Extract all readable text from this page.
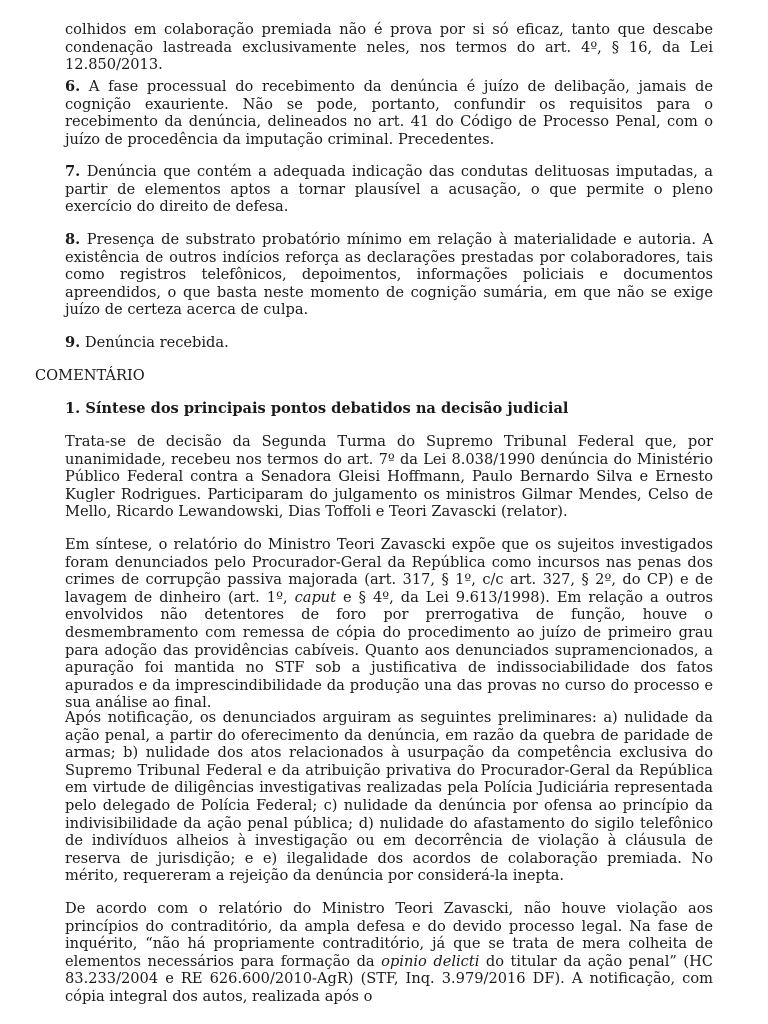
colhidos em colaboração premiada não é prova por si só eficaz, tanto que descabe condenação lastreada exclusivamente neles, nos termos do art. 4º, § 16, da Lei 12.850/2013.

6. A fase processual do recebimento da denúncia é juízo de delibação, jamais de cognição exauriente. Não se pode, portanto, confundir os requisitos para o recebimento da denúncia, delineados no art. 41 do Código de Processo Penal, com o juízo de procedência da imputação criminal. Precedentes.

7. Denúncia que contém a adequada indicação das condutas delituosas imputadas, a partir de elementos aptos a tornar plausível a acusação, o que permite o pleno exercício do direito de defesa.

8. Presença de substrato probatório mínimo em relação à materialidade e autoria. A existência de outros indícios reforça as declarações prestadas por colaboradores, tais como registros telefônicos, depoimentos, informações policiais e documentos apreendidos, o que basta neste momento de cognição sumária, em que não se exige juízo de certeza acerca de culpa.

9. Denúncia recebida.

COMENTÁRIO

1. Síntese dos principais pontos debatidos na decisão judicial

Trata-se de decisão da Segunda Turma do Supremo Tribunal Federal que, por unanimidade, recebeu nos termos do art. 7º da Lei 8.038/1990 denúncia do Ministério Público Federal contra a Senadora Gleisi Hoffmann, Paulo Bernardo Silva e Ernesto Kugler Rodrigues. Participaram do julgamento os ministros Gilmar Mendes, Celso de Mello, Ricardo Lewandowski, Dias Toffoli e Teori Zavascki (relator).

Em síntese, o relatório do Ministro Teori Zavascki expõe que os sujeitos investigados foram denunciados pelo Procurador-Geral da República como incursos nas penas dos crimes de corrupção passiva majorada (art. 317, § 1º, c/c art. 327, § 2º, do CP) e de lavagem de dinheiro (art. 1º, caput e § 4º, da Lei 9.613/1998). Em relação a outros envolvidos não detentores de foro por prerrogativa de função, houve o desmembramento com remessa de cópia do procedimento ao juízo de primeiro grau para adoção das providências cabíveis. Quanto aos denunciados supramencionados, a apuração foi mantida no STF sob a justificativa de indissociabilidade dos fatos apurados e da imprescindibilidade da produção una das provas no curso do processo e sua análise ao final.

Após notificação, os denunciados arguiram as seguintes preliminares: a) nulidade da ação penal, a partir do oferecimento da denúncia, em razão da quebra de paridade de armas; b) nulidade dos atos relacionados à usurpação da competência exclusiva do Supremo Tribunal Federal e da atribuição privativa do Procurador-Geral da República em virtude de diligências investigativas realizadas pela Polícia Judiciária representada pelo delegado de Polícia Federal; c) nulidade da denúncia por ofensa ao princípio da indivisibilidade da ação penal pública; d) nulidade do afastamento do sigilo telefônico de indivíduos alheios à investigação ou em decorrência de violação à cláusula de reserva de jurisdição; e e) ilegalidade dos acordos de colaboração premiada. No mérito, requereram a rejeição da denúncia por considerá-la inepta.

De acordo com o relatório do Ministro Teori Zavascki, não houve violação aos princípios do contraditório, da ampla defesa e do devido processo legal. Na fase de inquérito, “não há propriamente contraditório, já que se trata de mera colheita de elementos necessários para formação da opinio delicti do titular da ação penal” (HC 83.233/2004 e RE 626.600/2010-AgR) (STF, Inq. 3.979/2016 DF). A notificação, com cópia integral dos autos, realizada após o
